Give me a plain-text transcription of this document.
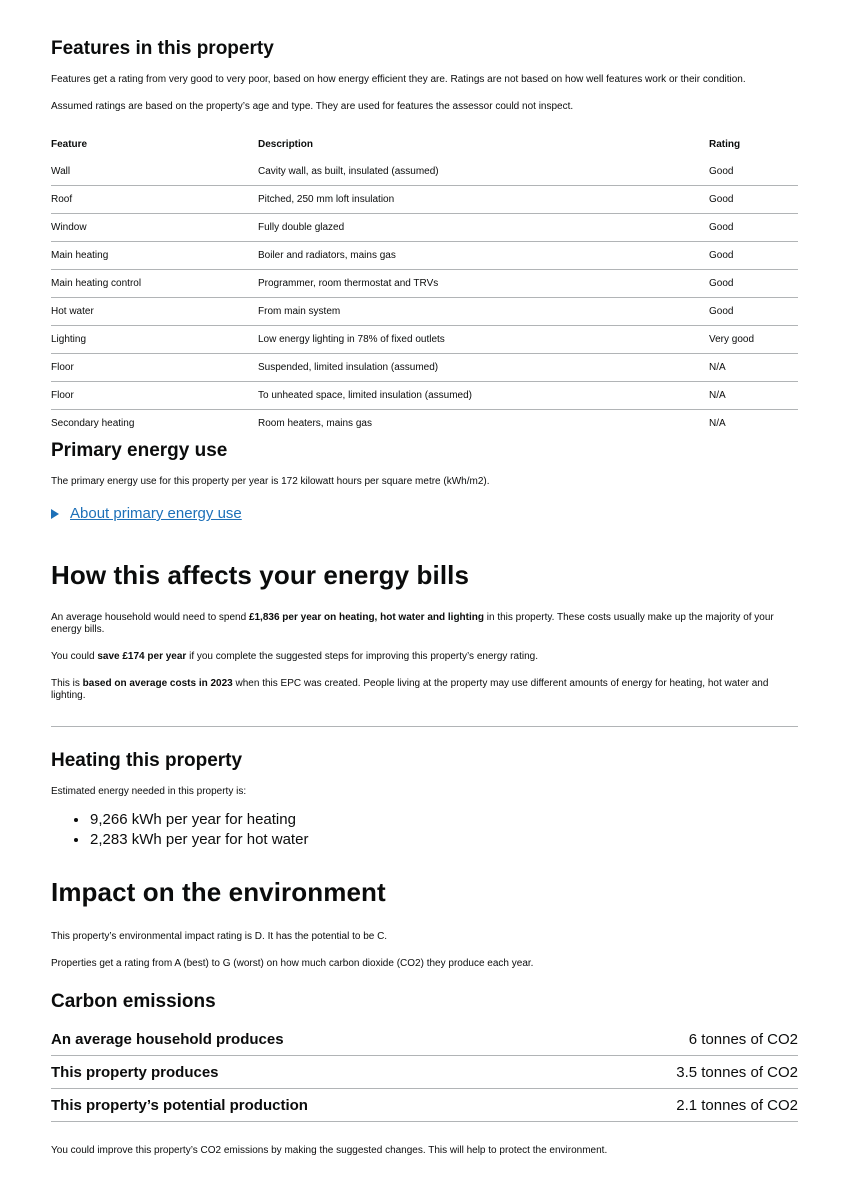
Features in this property

Features get a rating from very good to very poor, based on how energy efficient they are. Ratings are not based on how well features work or their condition.

Assumed ratings are based on the property’s age and type. They are used for features the assessor could not inspect.

Feature	Description	Rating
Wall	Cavity wall, as built, insulated (assumed)	Good
Roof	Pitched, 250 mm loft insulation	Good
Window	Fully double glazed	Good
Main heating	Boiler and radiators, mains gas	Good
Main heating control	Programmer, room thermostat and TRVs	Good
Hot water	From main system	Good
Lighting	Low energy lighting in 78% of fixed outlets	Very good
Floor	Suspended, limited insulation (assumed)	N/A
Floor	To unheated space, limited insulation (assumed)	N/A
Secondary heating	Room heaters, mains gas	N/A
Primary energy use

The primary energy use for this property per year is 172 kilowatt hours per square metre (kWh/m2).

About primary energy use
How this affects your energy bills

An average household would need to spend £1,836 per year on heating, hot water and lighting in this property. These costs usually make up the majority of your energy bills.

You could save £174 per year if you complete the suggested steps for improving this property’s energy rating.

This is based on average costs in 2023 when this EPC was created. People living at the property may use different amounts of energy for heating, hot water and lighting.

Heating this property

Estimated energy needed in this property is:

• 9,266 kWh per year for heating
• 2,283 kWh per year for hot water
Impact on the environment

This property’s environmental impact rating is D. It has the potential to be C.

Properties get a rating from A (best) to G (worst) on how much carbon dioxide (CO2) they produce each year.

Carbon emissions
An average household produces	6 tonnes of CO2
This property produces	3.5 tonnes of CO2
This property’s potential production	2.1 tonnes of CO2

You could improve this property’s CO2 emissions by making the suggested changes. This will help to protect the environment.
